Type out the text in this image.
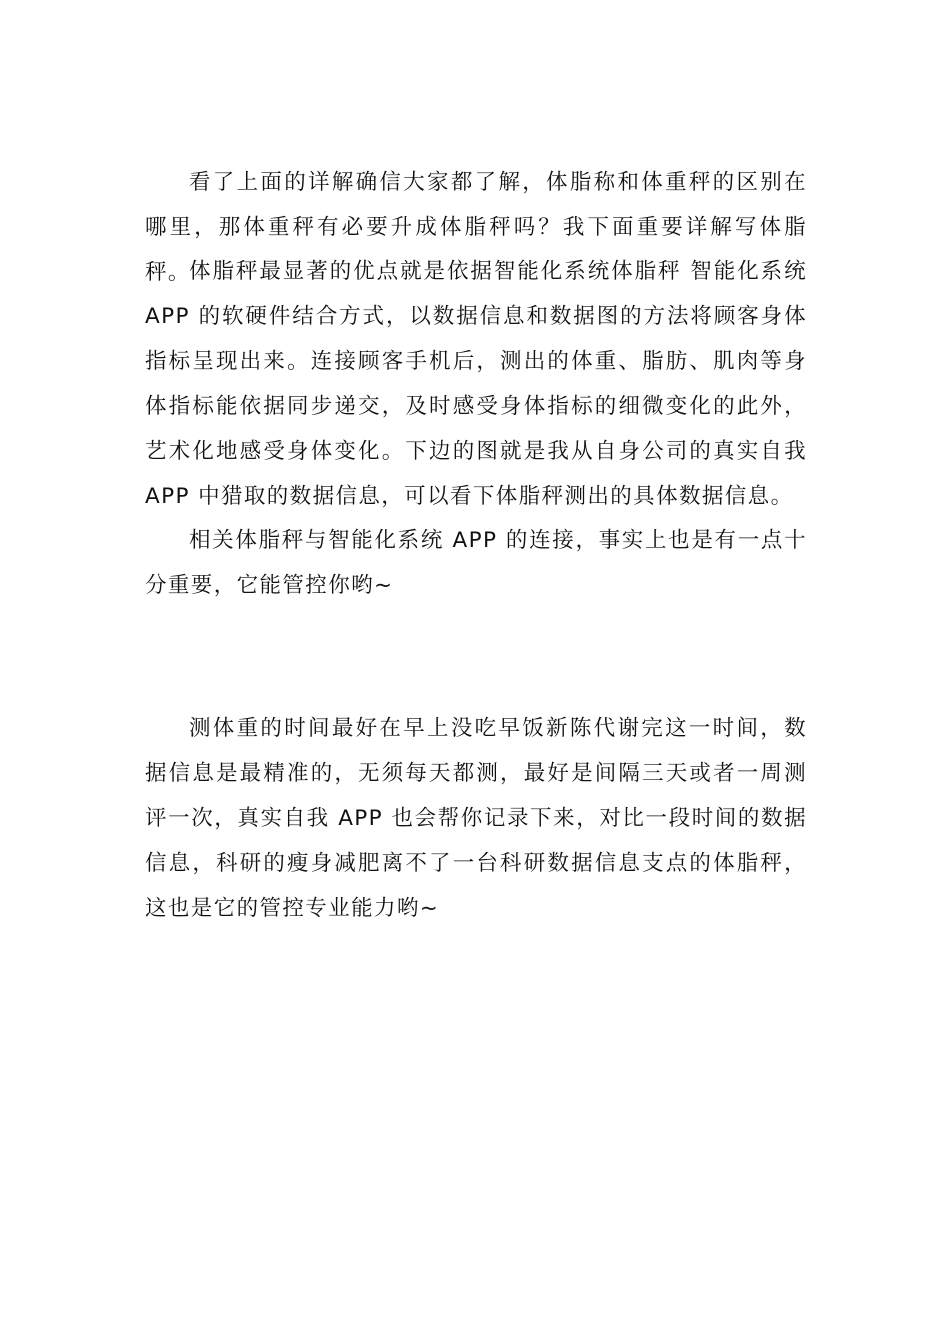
看了上面的详解确信大家都了解，体脂称和体重秤的区别在哪里，那体重秤有必要升成体脂秤吗？我下面重要详解写体脂秤。

体脂秤最显著的优点就是依据智能化系统体脂秤 智能化系统 APP 的软硬件结合方式，以数据信息和数据图的方法将顾客身体指标呈现出来。连接顾客手机后，测出的体重、脂肪、肌肉等身体指标能依据同步递交，及时感受身体指标的细微变化的此外，艺术化地感受身体变化。下边的图就是我从自身公司的真实自我 APP 中猎取的数据信息，可以看下体脂秤测出的具体数据信息。

相关体脂秤与智能化系统 APP 的连接，事实上也是有一点十分重要，它能管控你哟~

测体重的时间最好在早上没吃早饭新陈代谢完这一时间，数据信息是最精准的，无须每天都测，最好是间隔三天或者一周测评一次，真实自我 APP 也会帮你记录下来，对比一段时间的数据信息，科研的瘦身减肥离不了一台科研数据信息支点的体脂秤，这也是它的管控专业能力哟~
